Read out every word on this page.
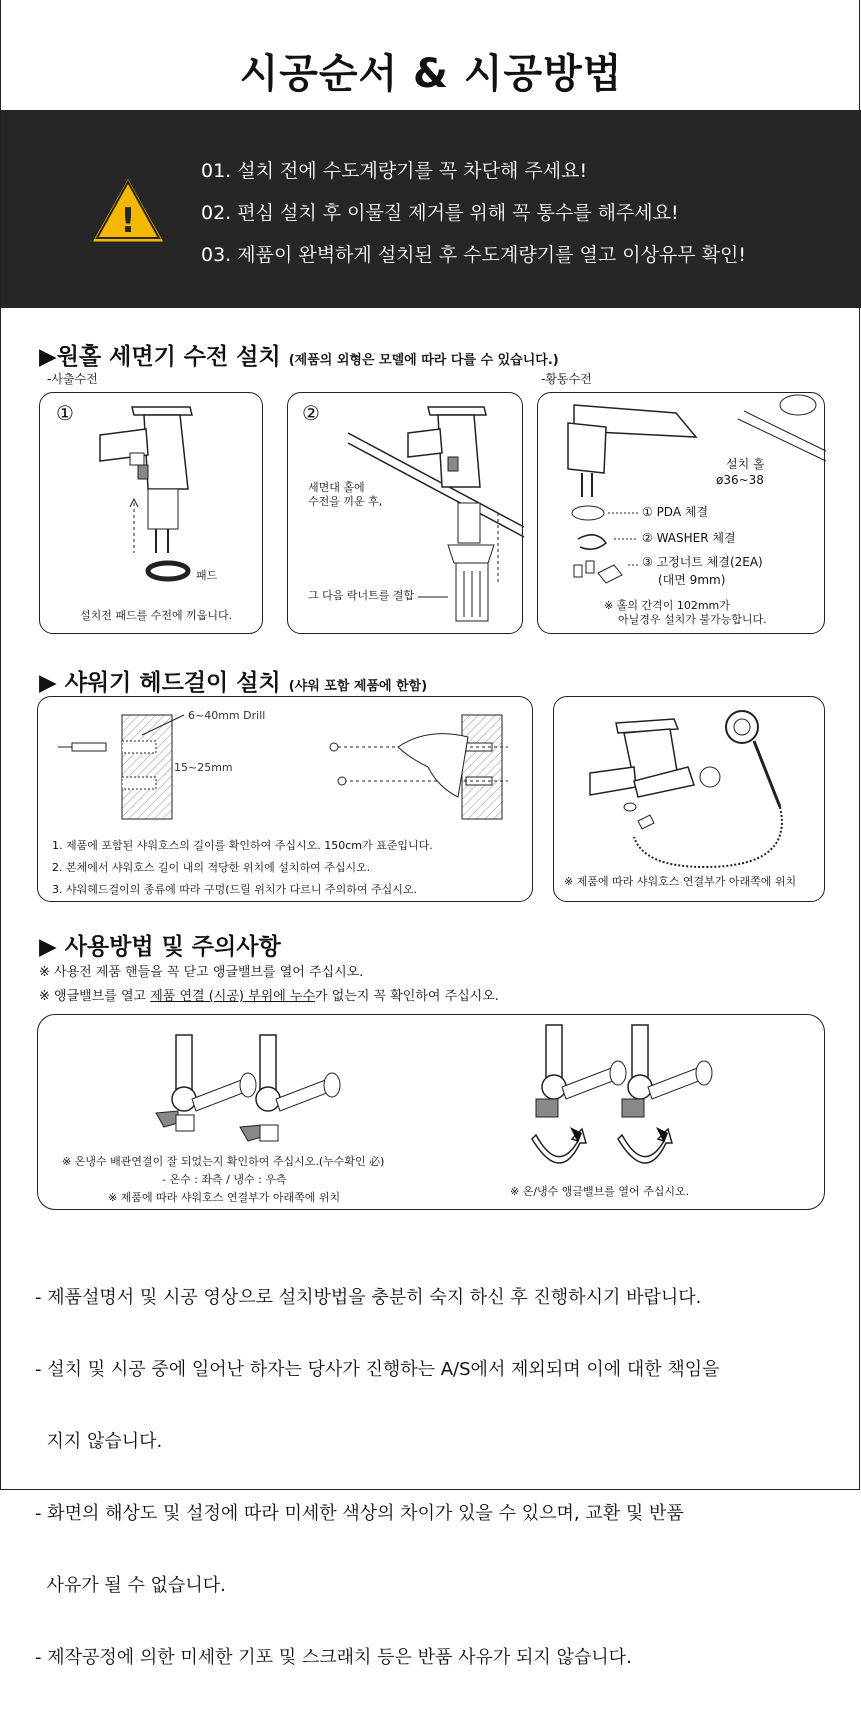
시공순서 & 시공방법
!
01. 설치 전에 수도계량기를 꼭 차단해 주세요!
02. 편심 설치 후 이물질 제거를 위해 꼭 통수를 해주세요!
03. 제품이 완벽하게 설치된 후 수도계량기를 열고 이상유무 확인!
▶원홀 세면기 수전 설치 (제품의 외형은 모델에 따라 다를 수 있습니다.)
-사출수전	-황동수전
①
패드
설치전 패드를 수전에 끼웁니다.
②
세면대 홀에
수전을 끼운 후,
그 다음 락너트를 결합
설치 홀
ø36~38
① PDA 체결
② WASHER 체결
③ 고정너트 체결(2EA)
(대면 9mm)
※ 홀의 간격이 102mm가
아닐경우 설치가 불가능합니다.
▶ 샤워기 헤드걸이 설치 (샤워 포함 제품에 한함)
6~40mm Drill
15~25mm
1. 제품에 포함된 샤워호스의 길이를 확인하여 주십시오. 150cm가 표준입니다.
2. 본체에서 샤워호스 길이 내의 적당한 위치에 설치하여 주십시오.
3. 샤워헤드걸이의 종류에 따라 구멍(드릴 위치가 다르니 주의하여 주십시오.
※ 제품에 따라 샤워호스 연결부가 아래쪽에 위치
▶ 사용방법 및 주의사항
※ 사용전 제품 핸들을 꼭 닫고 앵글밸브를 열어 주십시오.
※ 앵글밸브를 열고 제품 연결 (시공) 부위에 누수가 없는지 꼭 확인하여 주십시오.
※ 온냉수 배관연결이 잘 되었는지 확인하여 주십시오.(누수확인 必)
- 온수 : 좌측 / 냉수 : 우측
※ 제품에 따라 샤워호스 연결부가 아래쪽에 위치	※ 온/냉수 앵글밸브를 열어 주십시오.

- 제품설명서 및 시공 영상으로 설치방법을 충분히 숙지 하신 후 진행하시기 바랍니다.

- 설치 및 시공 중에 일어난 하자는 당사가 진행하는 A/S에서 제외되며 이에 대한 책임을

지지 않습니다.

- 화면의 해상도 및 설정에 따라 미세한 색상의 차이가 있을 수 있으며, 교환 및 반품

사유가 될 수 없습니다.

- 제작공정에 의한 미세한 기포 및 스크래치 등은 반품 사유가 되지 않습니다.
